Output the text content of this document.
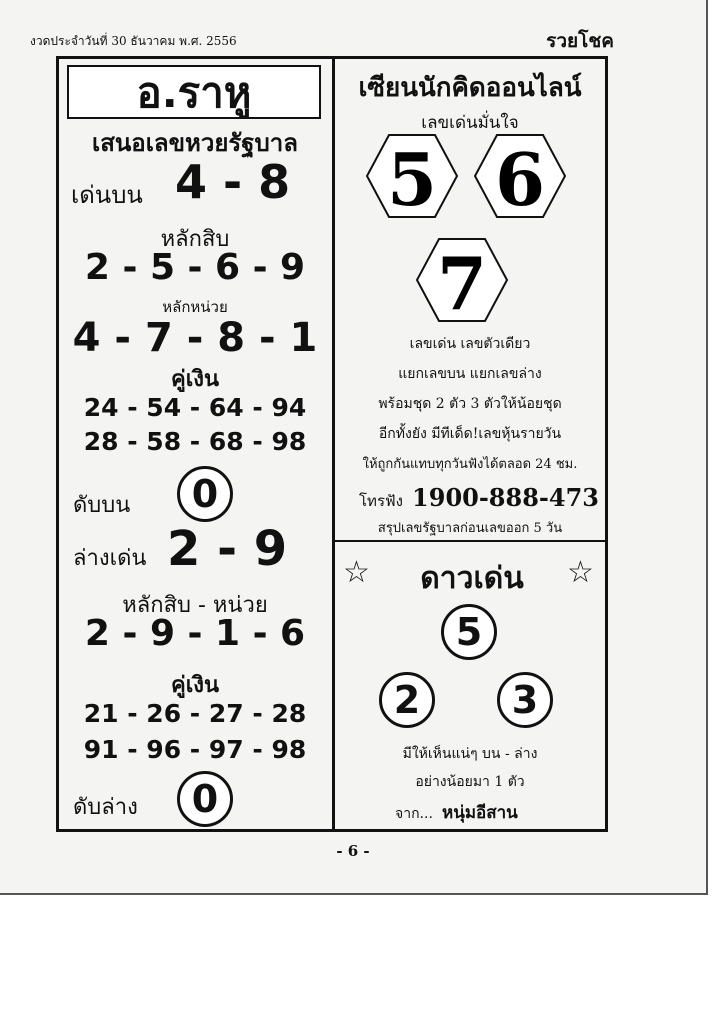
งวดประจำวันที่ 30 ธันวาคม พ.ศ. 2556	รวยโชค
อ.ราหู
เสนอเลขหวยรัฐบาล
เด่นบน 4 - 8
หลักสิบ
2 - 5 - 6 - 9
หลักหน่วย
4 - 7 - 8 - 1
คู่เงิน
24 - 54 - 64 - 94
28 - 58 - 68 - 98
ดับบน	0
ล่างเด่น 2 - 9
หลักสิบ - หน่วย
2 - 9 - 1 - 6
คู่เงิน
21 - 26 - 27 - 28
91 - 96 - 97 - 98
ดับล่าง	0
เซียนนักคิดออนไลน์
เลขเด่นมั่นใจ
5 6
7
เลขเด่น เลขตัวเดียว
แยกเลขบน แยกเลขล่าง
พร้อมชุด 2 ตัว 3 ตัวให้น้อยชุด
อีกทั้งยัง มีทีเด็ด!เลขหุ้นรายวัน
ให้ถูกกันแทบทุกวันฟังได้ตลอด 24 ชม.
โทรฟัง 1900-888-473
สรุปเลขรัฐบาลก่อนเลขออก 5 วัน
☆	ดาวเด่น	☆
5
2	3
มีให้เห็นแน่ๆ บน - ล่าง
อย่างน้อยมา 1 ตัว
จาก... หนุ่มอีสาน
- 6 -
